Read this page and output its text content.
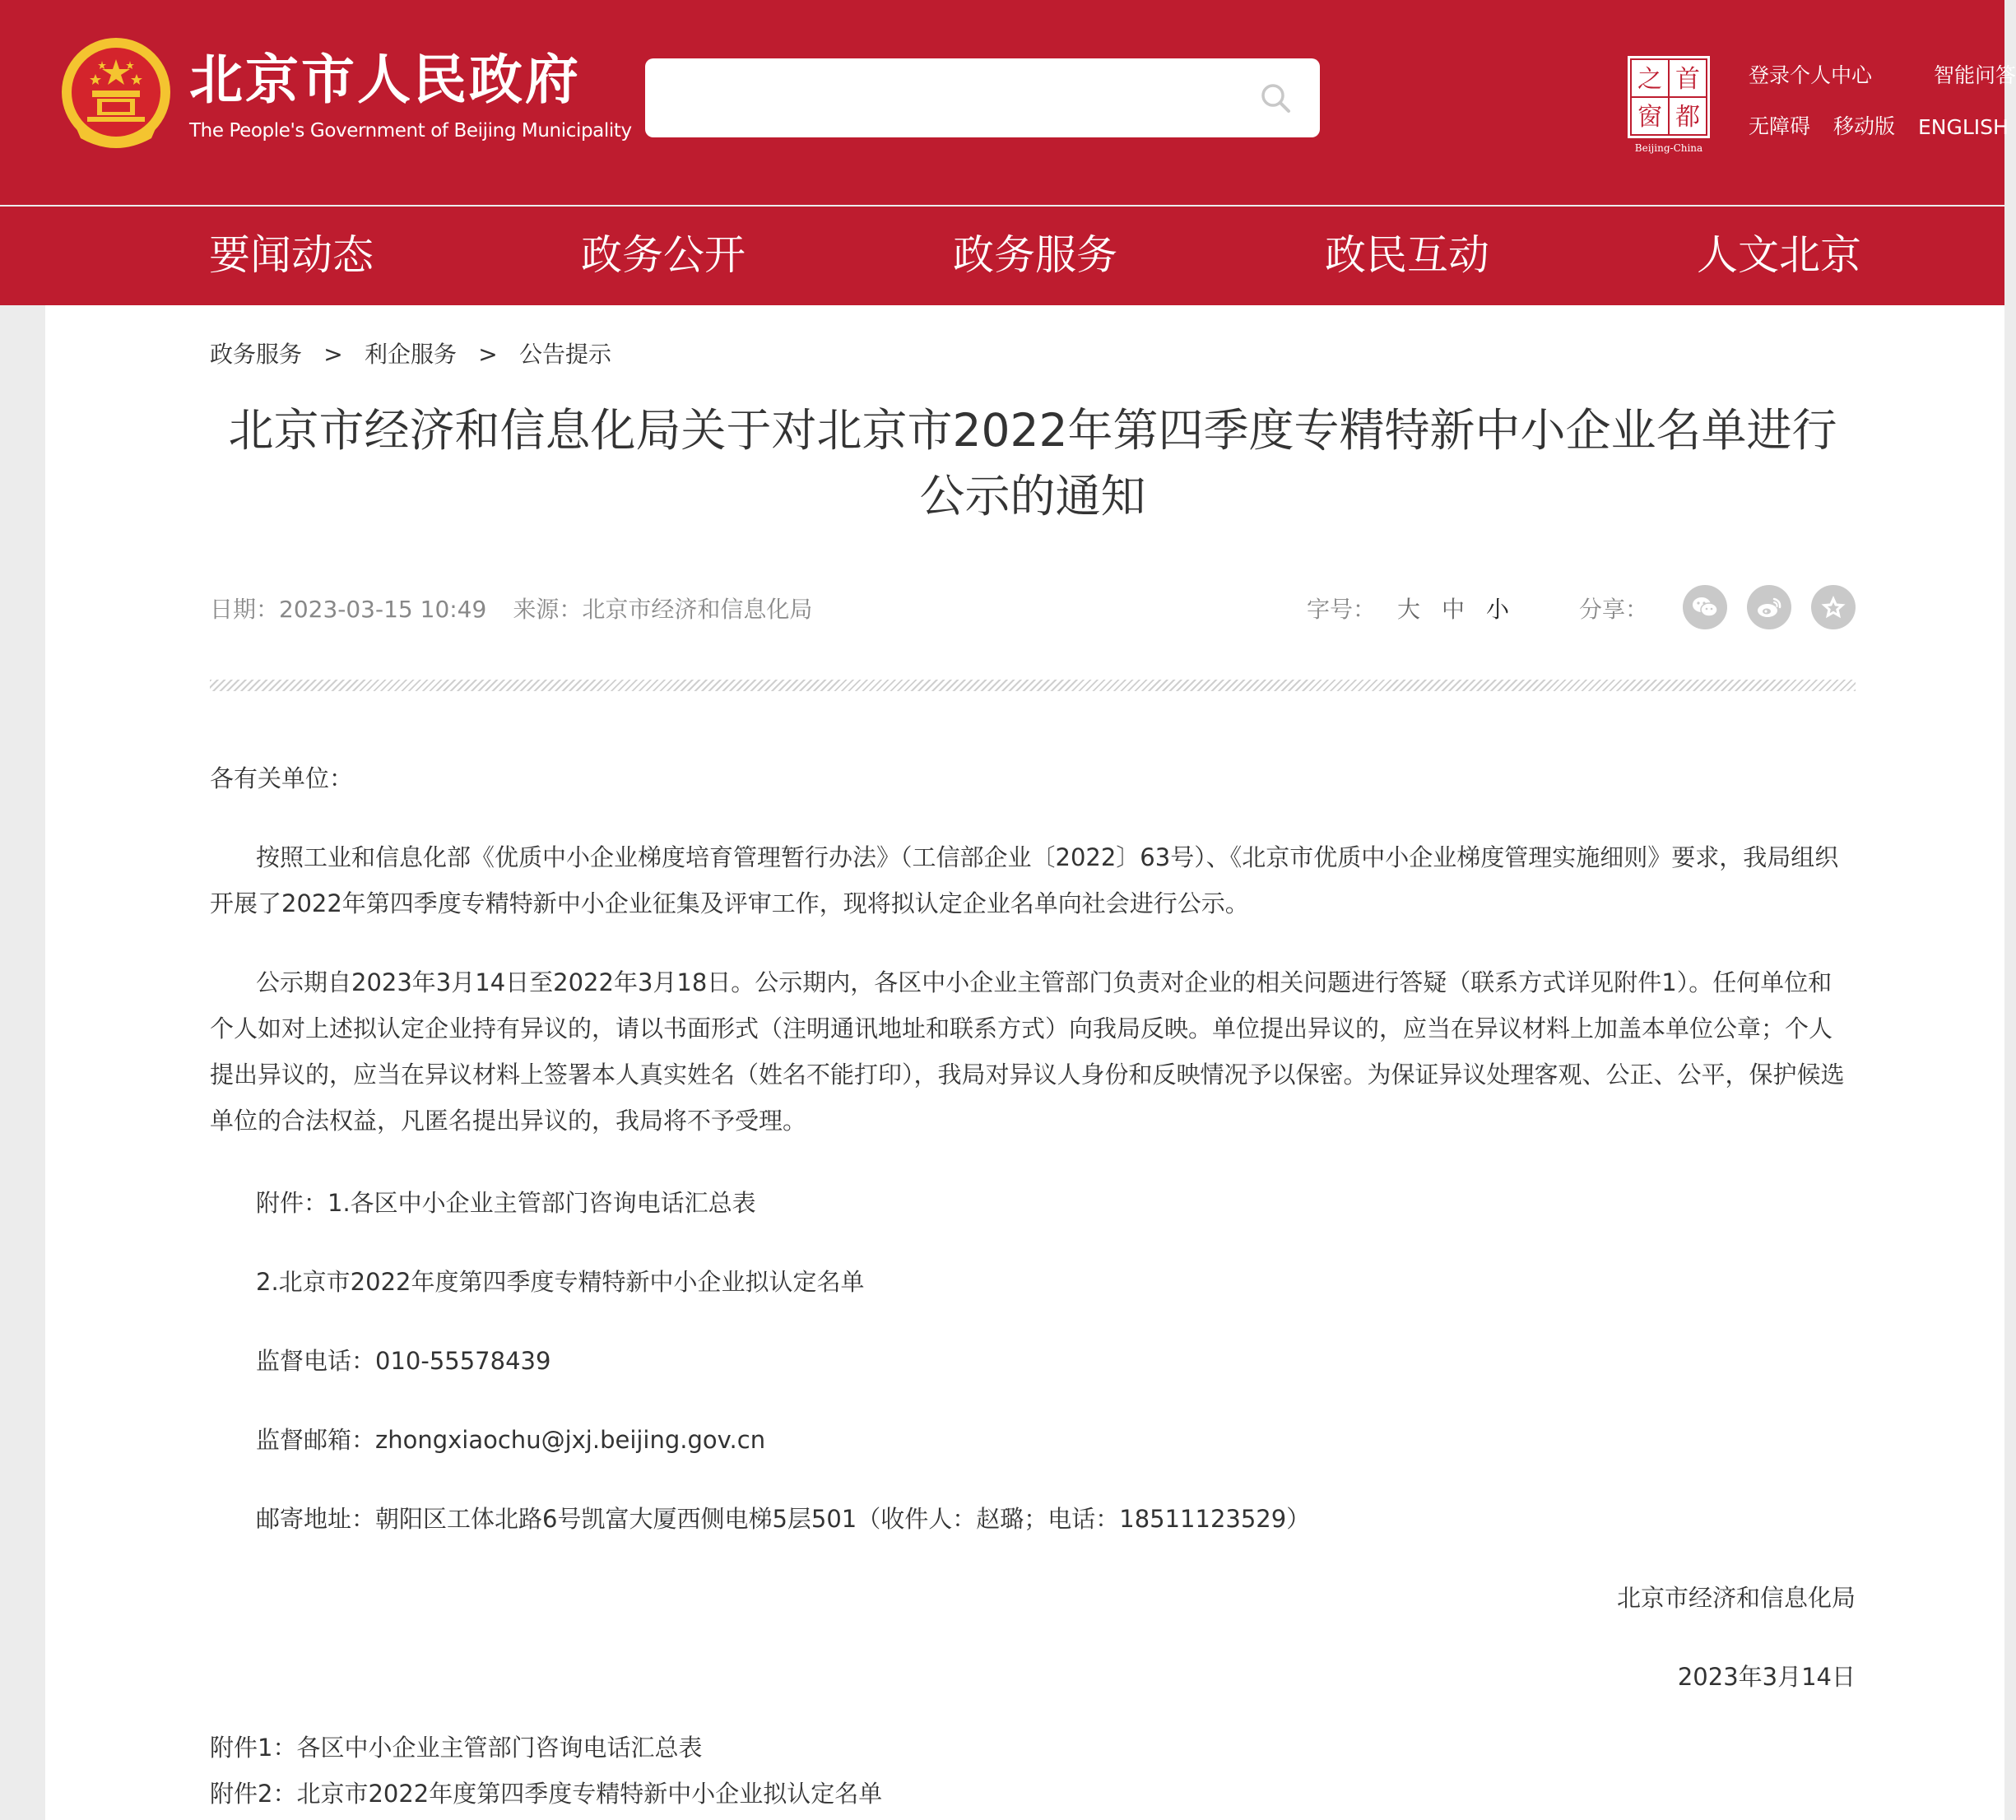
北京市人民政府
The People's Government of Beijing Municipality
之 首
窗 都
Beijing-China
登录个人中心	智能问答
无障碍 移动版 ENGLISH
要闻动态	政务公开	政务服务	政民互动	人文北京
政务服务 > 利企服务 > 公告提示
北京市经济和信息化局关于对北京市2022年第四季度专精特新中小企业名单进行
公示的通知
日期：2023-03-15 10:49 来源：北京市经济和信息化局	字号： 大 中 小	分享：

各有关单位：

按照工业和信息化部《优质中小企业梯度培育管理暂行办法》（工信部企业〔2022〕63号）、《北京市优质中小企业梯度管理实施细则》要求，我局组织开展了2022年第四季度专精特新中小企业征集及评审工作，现将拟认定企业名单向社会进行公示。

公示期自2023年3月14日至2022年3月18日。公示期内，各区中小企业主管部门负责对企业的相关问题进行答疑（联系方式详见附件1）。任何单位和个人如对上述拟认定企业持有异议的，请以书面形式（注明通讯地址和联系方式）向我局反映。单位提出异议的，应当在异议材料上加盖本单位公章；个人提出异议的，应当在异议材料上签署本人真实姓名（姓名不能打印），我局对异议人身份和反映情况予以保密。为保证异议处理客观、公正、公平，保护候选单位的合法权益，凡匿名提出异议的，我局将不予受理。

附件：1.各区中小企业主管部门咨询电话汇总表

2.北京市2022年度第四季度专精特新中小企业拟认定名单

监督电话：010-55578439

监督邮箱：zhongxiaochu@jxj.beijing.gov.cn

邮寄地址：朝阳区工体北路6号凯富大厦西侧电梯5层501（收件人：赵璐；电话：18511123529）

北京市经济和信息化局

2023年3月14日

附件1：各区中小企业主管部门咨询电话汇总表
附件2：北京市2022年度第四季度专精特新中小企业拟认定名单
